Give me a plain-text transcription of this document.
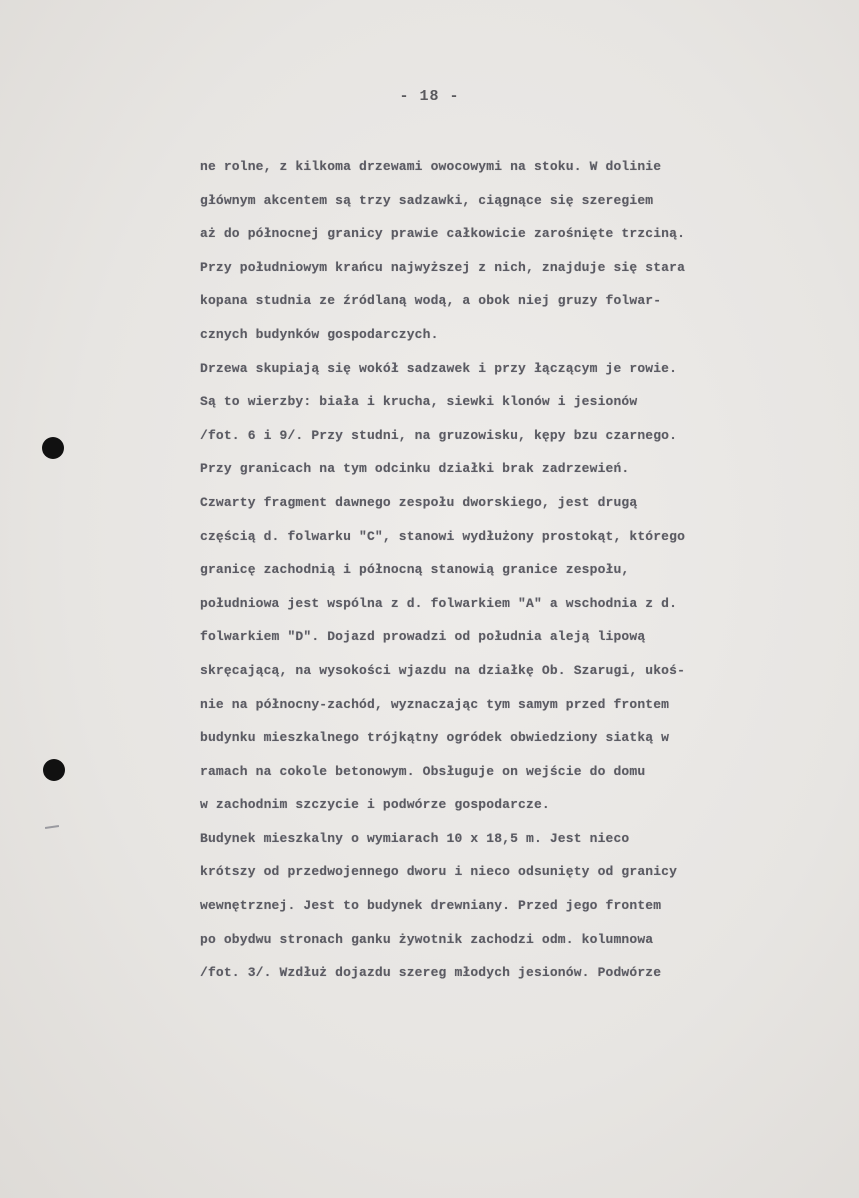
- 18 -
ne rolne, z kilkoma drzewami owocowymi na stoku. W dolinie
głównym akcentem są trzy sadzawki, ciągnące się szeregiem
aż do północnej granicy prawie całkowicie zarośnięte trzciną.
Przy południowym krańcu najwyższej z nich, znajduje się stara
kopana studnia ze źródlaną wodą, a obok niej gruzy folwar-
cznych budynków gospodarczych.
Drzewa skupiają się wokół sadzawek i przy łączącym je rowie.
Są to wierzby: biała i krucha, siewki klonów i jesionów
/fot. 6 i 9/. Przy studni, na gruzowisku, kępy bzu czarnego.
Przy granicach na tym odcinku działki brak zadrzewień.
Czwarty fragment dawnego zespołu dworskiego, jest drugą
częścią d. folwarku "C", stanowi wydłużony prostokąt, którego
granicę zachodnią i północną stanowią granice zespołu,
południowa jest wspólna z d. folwarkiem "A" a wschodnia z d.
folwarkiem "D". Dojazd prowadzi od południa aleją lipową
skręcającą, na wysokości wjazdu na działkę Ob. Szarugi, ukoś-
nie na północny-zachód, wyznaczając tym samym przed frontem
budynku mieszkalnego trójkątny ogródek obwiedziony siatką w
ramach na cokole betonowym. Obsługuje on wejście do domu
w zachodnim szczycie i podwórze gospodarcze.
Budynek mieszkalny o wymiarach 10 x 18,5 m. Jest nieco
krótszy od przedwojennego dworu i nieco odsunięty od granicy
wewnętrznej. Jest to budynek drewniany. Przed jego frontem
po obydwu stronach ganku żywotnik zachodzi odm. kolumnowa
/fot. 3/. Wzdłuż dojazdu szereg młodych jesionów. Podwórze
